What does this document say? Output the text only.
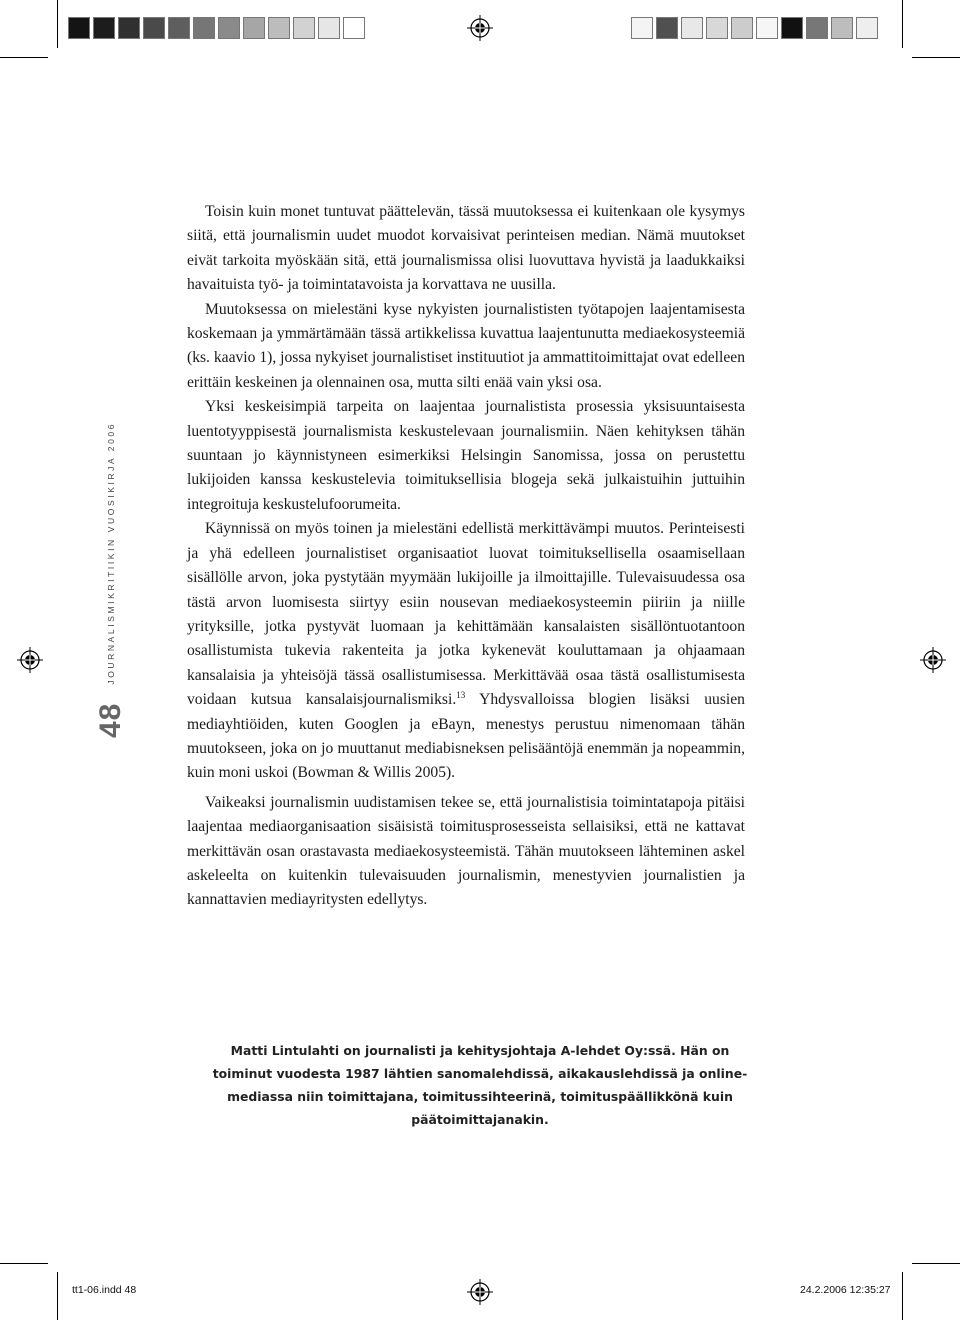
48
JOURNALISMIKRITIIKIN VUOSIKIRJA 2006

Toisin kuin monet tuntuvat päättelevän, tässä muutoksessa ei kuitenkaan ole kysymys siitä, että journalismin uudet muodot korvaisivat perinteisen median. Nämä muutokset eivät tarkoita myöskään sitä, että journalismissa olisi luovuttava hyvistä ja laadukkaiksi havaituista työ- ja toimintatavoista ja korvattava ne uusilla.

Muutoksessa on mielestäni kyse nykyisten journalististen työtapojen laajentamisesta koskemaan ja ymmärtämään tässä artikkelissa kuvattua laajentunutta mediaekosysteemiä (ks. kaavio 1), jossa nykyiset journalistiset instituutiot ja ammattitoimittajat ovat edelleen erittäin keskeinen ja olennainen osa, mutta silti enää vain yksi osa.

Yksi keskeisimpiä tarpeita on laajentaa journalistista prosessia yksisuuntaisesta luentotyyppisestä journalismista keskustelevaan journalismiin. Näen kehityksen tähän suuntaan jo käynnistyneen esimerkiksi Helsingin Sanomissa, jossa on perustettu lukijoiden kanssa keskustelevia toimituksellisia blogeja sekä julkaistuihin juttuihin integroituja keskustelufoorumeita.

Käynnissä on myös toinen ja mielestäni edellistä merkittävämpi muutos. Perinteisesti ja yhä edelleen journalistiset organisaatiot luovat toimituksellisella osaamisellaan sisällölle arvon, joka pystytään myymään lukijoille ja ilmoittajille. Tulevaisuudessa osa tästä arvon luomisesta siirtyy esiin nousevan mediaekosysteemin piiriin ja niille yrityksille, jotka pystyvät luomaan ja kehittämään kansalaisten sisällöntuotantoon osallistumista tukevia rakenteita ja jotka kykenevät kouluttamaan ja ohjaamaan kansalaisia ja yhteisöjä tässä osallistumisessa. Merkittävää osaa tästä osallistumisesta voidaan kutsua kansalaisjournalismiksi.$^{13}$ Yhdysvalloissa blogien lisäksi uusien mediayhtiöiden, kuten Googlen ja eBayn, menestys perustuu nimenomaan tähän muutokseen, joka on jo muuttanut mediabisneksen pelisääntöjä enemmän ja nopeammin, kuin moni uskoi (Bowman & Willis 2005).

Vaikeaksi journalismin uudistamisen tekee se, että journalistisia toimintatapoja pitäisi laajentaa mediaorganisaation sisäisistä toimitusprosesseista sellaisiksi, että ne kattavat merkittävän osan orastavasta mediaekosysteemistä. Tähän muutokseen lähteminen askel askeleelta on kuitenkin tulevaisuuden journalismin, menestyvien journalistien ja kannattavien mediayritysten edellytys.

Matti Lintulahti on journalisti ja kehitysjohtaja A-lehdet Oy:ssä. Hän on toiminut vuodesta 1987 lähtien sanomalehdissä, aikakauslehdissä ja online-mediassa niin toimittajana, toimitussihteerinä, toimituspäällikkönä kuin päätoimittajanakin.
tt1-06.indd 48	24.2.2006 12:35:27
